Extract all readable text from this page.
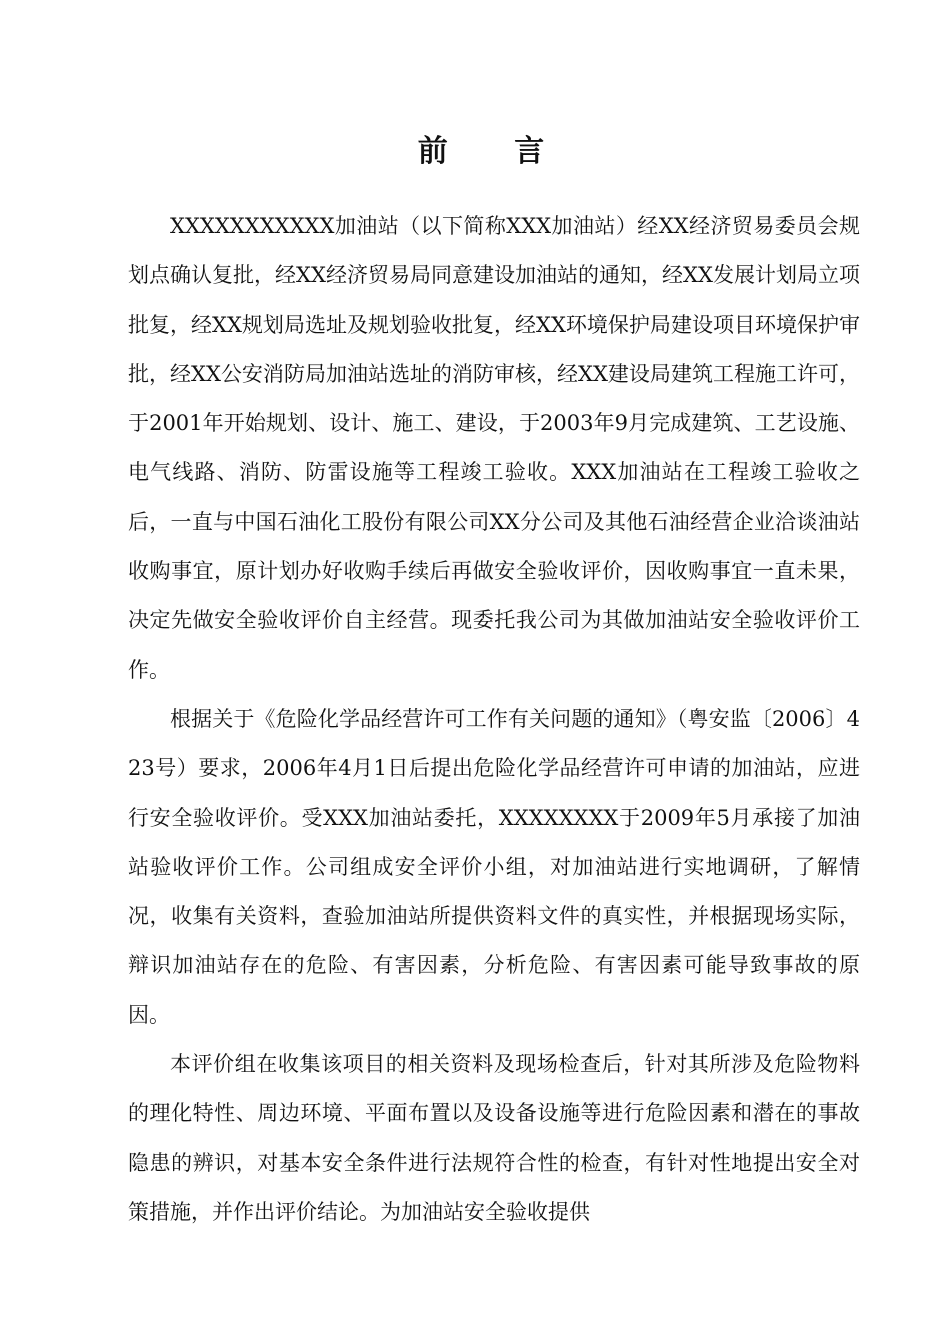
前 言

XXXXXXXXXXX加油站（以下简称XXX加油站）经XX经济贸易委员会规划点确认复批，经XX经济贸易局同意建设加油站的通知，经XX发展计划局立项批复，经XX规划局选址及规划验收批复，经XX环境保护局建设项目环境保护审批，经XX公安消防局加油站选址的消防审核，经XX建设局建筑工程施工许可，于2001年开始规划、设计、施工、建设，于2003年9月完成建筑、工艺设施、电气线路、消防、防雷设施等工程竣工验收。XXX加油站在工程竣工验收之后，一直与中国石油化工股份有限公司XX分公司及其他石油经营企业洽谈油站收购事宜，原计划办好收购手续后再做安全验收评价，因收购事宜一直未果，决定先做安全验收评价自主经营。现委托我公司为其做加油站安全验收评价工作。

根据关于《危险化学品经营许可工作有关问题的通知》（粤安监〔2006〕423号）要求，2006年4月1日后提出危险化学品经营许可申请的加油站，应进行安全验收评价。受XXX加油站委托，XXXXXXXX于2009年5月承接了加油站验收评价工作。公司组成安全评价小组，对加油站进行实地调研，了解情况，收集有关资料，查验加油站所提供资料文件的真实性，并根据现场实际，辩识加油站存在的危险、有害因素，分析危险、有害因素可能导致事故的原因。

本评价组在收集该项目的相关资料及现场检查后，针对其所涉及危险物料的理化特性、周边环境、平面布置以及设备设施等进行危险因素和潜在的事故隐患的辨识，对基本安全条件进行法规符合性的检查，有针对性地提出安全对策措施，并作出评价结论。为加油站安全验收提供
